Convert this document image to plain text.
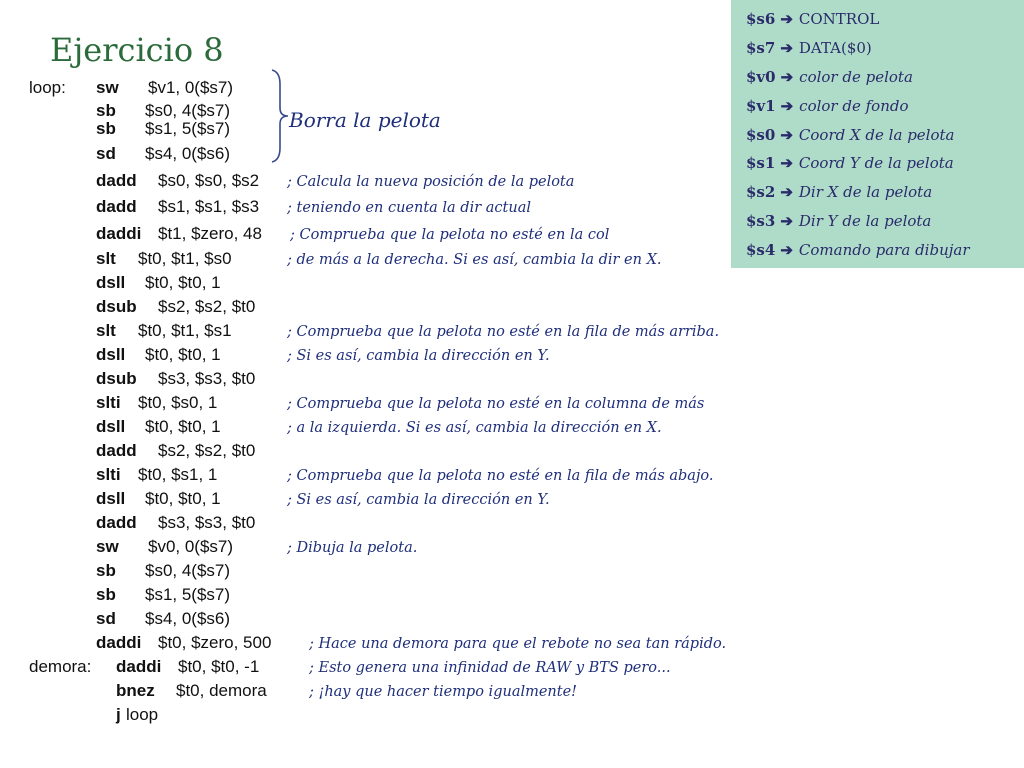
Ejercicio 8
$s6 ➔ CONTROL
$s7 ➔ DATA($0)
$v0 ➔ color de pelota
$v1 ➔ color de fondo
$s0 ➔ Coord X de la pelota
$s1 ➔ Coord Y de la pelota
$s2 ➔ Dir X de la pelota
$s3 ➔ Dir Y de la pelota
$s4 ➔ Comando para dibujar
Borra la pelota
loop: sw $v1, 0($s7)
sb $s0, 4($s7)
sb $s1, 5($s7)
sd $s4, 0($s6)
dadd $s0, $s0, $s2
dadd $s1, $s1, $s3
daddi $t1, $zero, 48
slt $t0, $t1, $s0
dsll $t0, $t0, 1
dsub $s2, $s2, $t0
slt $t0, $t1, $s1
dsll $t0, $t0, 1
dsub $s3, $s3, $t0
slti $t0, $s0, 1
dsll $t0, $t0, 1
dadd $s2, $s2, $t0
slti $t0, $s1, 1
dsll $t0, $t0, 1
dadd $s3, $s3, $t0
sw $v0, 0($s7)
sb $s0, 4($s7)
sb $s1, 5($s7)
sd $s4, 0($s6)
daddi $t0, $zero, 500
demora: daddi $t0, $t0, -1
bnez $t0, demora
j loop
; Calcula la nueva posición de la pelota
; teniendo en cuenta la dir actual
; Comprueba que la pelota no esté en la col
; de más a la derecha. Si es así, cambia la dir en X.
; Comprueba que la pelota no esté en la fila de más arriba.
; Si es así, cambia la dirección en Y.
; Comprueba que la pelota no esté en la columna de más
; a la izquierda. Si es así, cambia la dirección en X.
; Comprueba que la pelota no esté en la fila de más abajo.
; Si es así, cambia la dirección en Y.
; Dibuja la pelota.
; Hace una demora para que el rebote no sea tan rápido.
; Esto genera una infinidad de RAW y BTS pero...
; ¡hay que hacer tiempo igualmente!
